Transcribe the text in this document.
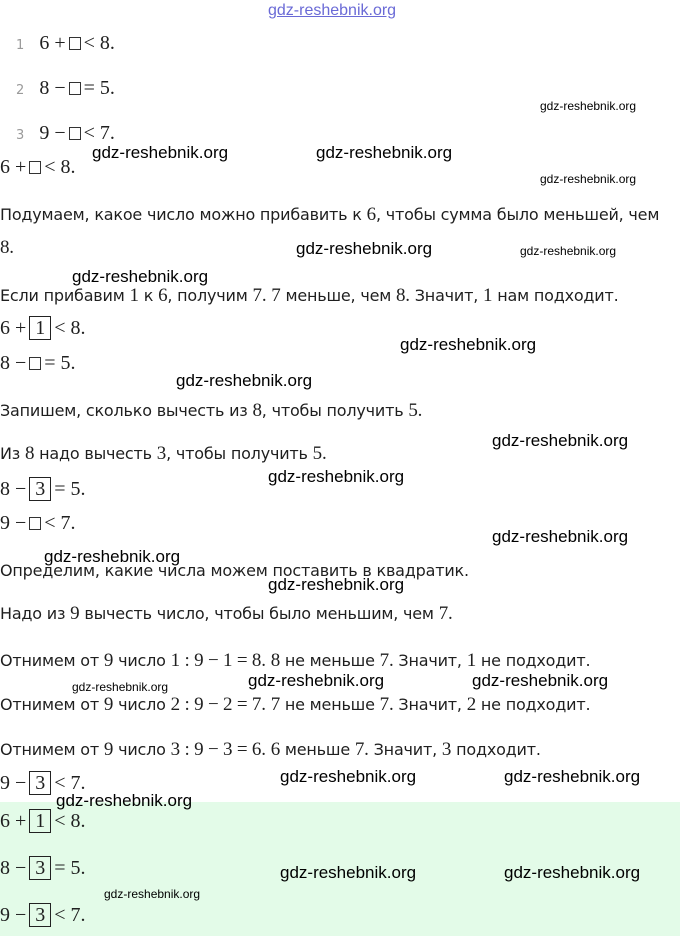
gdz-reshebnik.org
1 6 + < 8.
2 8 − = 5.
3 9 − < 7.
6 + < 8.
Подумаем, какое число можно прибавить к 6, чтобы сумма было меньшей, чем
8.
Если прибавим 1 к 6, получим 7. 7 меньше, чем 8. Значит, 1 нам подходит.
6 + 1 < 8.
8 − = 5.
Запишем, сколько вычесть из 8, чтобы получить 5.
Из 8 надо вычесть 3, чтобы получить 5.
8 − 3 = 5.
9 − < 7.
Определим, какие числа можем поставить в квадратик.
Надо из 9 вычесть число, чтобы было меньшим, чем 7.
Отнимем от 9 число 1 : 9 − 1 = 8. 8 не меньше 7. Значит, 1 не подходит.
Отнимем от 9 число 2 : 9 − 2 = 7. 7 не меньше 7. Значит, 2 не подходит.
Отнимем от 9 число 3 : 9 − 3 = 6. 6 меньше 7. Значит, 3 подходит.
9 − 3 < 7.
6 + 1 < 8.
8 − 3 = 5.
9 − 3 < 7.
gdz-reshebnik.org
gdz-reshebnik.org	gdz-reshebnik.org
gdz-reshebnik.org
gdz-reshebnik.org	gdz-reshebnik.org
gdz-reshebnik.org
gdz-reshebnik.org
gdz-reshebnik.org
gdz-reshebnik.org
gdz-reshebnik.org
gdz-reshebnik.org
gdz-reshebnik.org
gdz-reshebnik.org
gdz-reshebnik.org	gdz-reshebnik.org
gdz-reshebnik.org
gdz-reshebnik.org	gdz-reshebnik.org
gdz-reshebnik.org
gdz-reshebnik.org	gdz-reshebnik.org
gdz-reshebnik.org
